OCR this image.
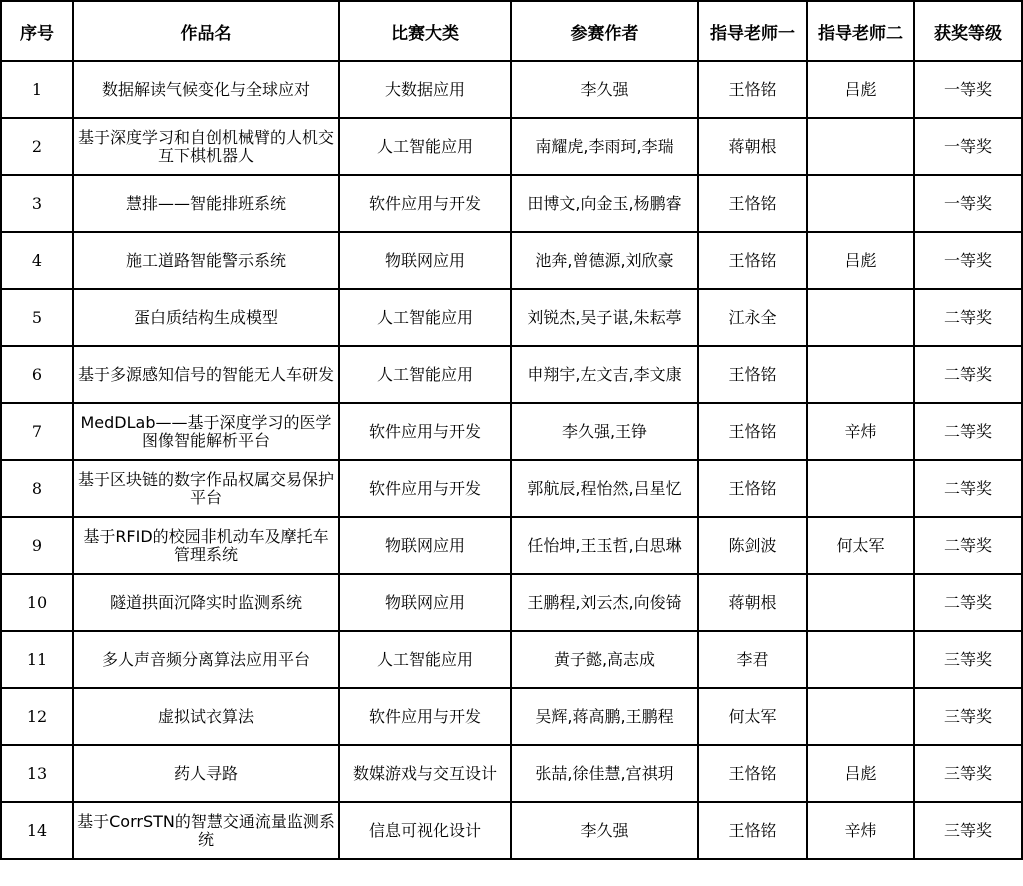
序号	作品名	比赛大类	参赛作者	指导老师一	指导老师二	获奖等级
1	数据解读气候变化与全球应对	大数据应用	李久强	王恪铭	吕彪	一等奖
2	基于深度学习和自创机械臂的人机交互下棋机器人	人工智能应用	南耀虎,李雨珂,李瑞	蒋朝根		一等奖
3	慧排——智能排班系统	软件应用与开发	田博文,向金玉,杨鹏睿	王恪铭		一等奖
4	施工道路智能警示系统	物联网应用	池奔,曾德源,刘欣豪	王恪铭	吕彪	一等奖
5	蛋白质结构生成模型	人工智能应用	刘锐杰,吴子谌,朱耘葶	江永全		二等奖
6	基于多源感知信号的智能无人车研发	人工智能应用	申翔宇,左文吉,李文康	王恪铭		二等奖
7	MedDLab——基于深度学习的医学图像智能解析平台	软件应用与开发	李久强,王铮	王恪铭	辛炜	二等奖
8	基于区块链的数字作品权属交易保护平台	软件应用与开发	郭航辰,程怡然,吕星忆	王恪铭		二等奖
9	基于RFID的校园非机动车及摩托车管理系统	物联网应用	任怡坤,王玉哲,白思琳	陈剑波	何太军	二等奖
10	隧道拱面沉降实时监测系统	物联网应用	王鹏程,刘云杰,向俊锜	蒋朝根		二等奖
11	多人声音频分离算法应用平台	人工智能应用	黄子懿,高志成	李君		三等奖
12	虚拟试衣算法	软件应用与开发	吴辉,蒋高鹏,王鹏程	何太军		三等奖
13	药人寻路	数媒游戏与交互设计	张喆,徐佳慧,宫祺玥	王恪铭	吕彪	三等奖
14	基于CorrSTN的智慧交通流量监测系统	信息可视化设计	李久强	王恪铭	辛炜	三等奖
